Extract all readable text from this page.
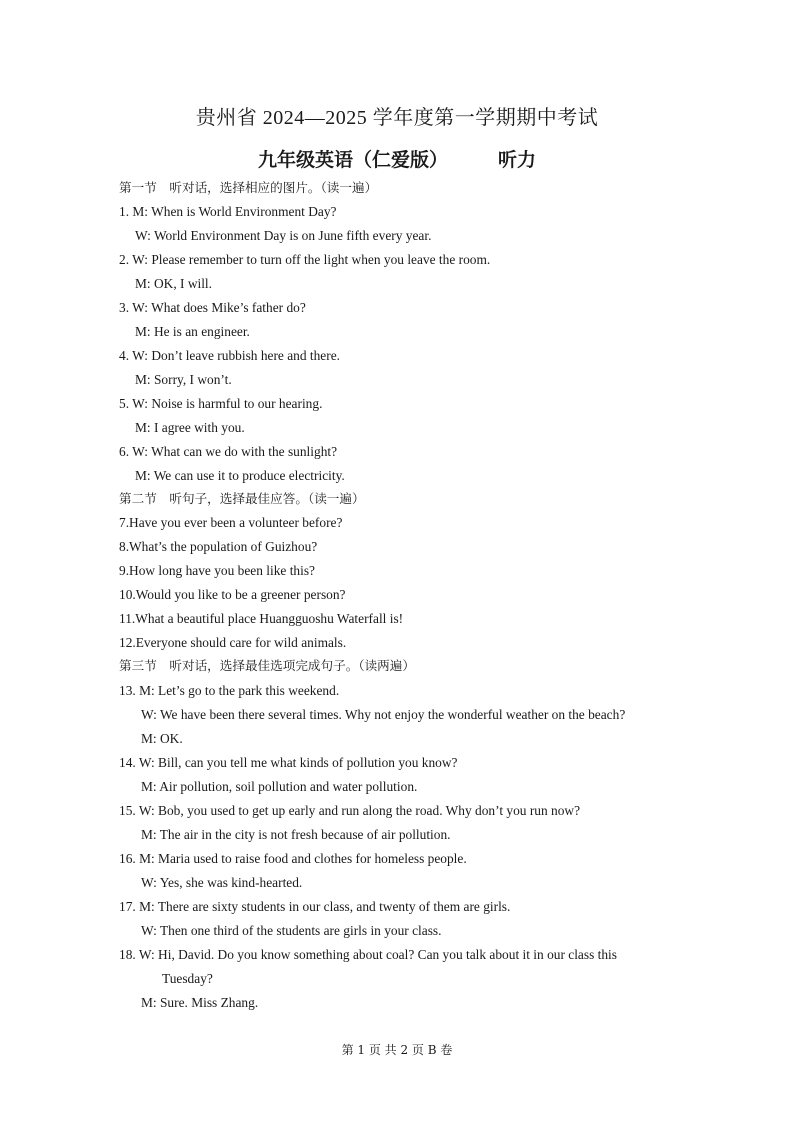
贵州省 2024—2025 学年度第一学期期中考试
九年级英语（仁爱版）	听力
第一节　听对话，选择相应的图片。（读一遍）
1. M: When is World Environment Day?
W: World Environment Day is on June fifth every year.
2. W: Please remember to turn off the light when you leave the room.
M: OK, I will.
3. W: What does Mike’s father do?
M: He is an engineer.
4. W: Don’t leave rubbish here and there.
M: Sorry, I won’t.
5. W: Noise is harmful to our hearing.
M: I agree with you.
6. W: What can we do with the sunlight?
M: We can use it to produce electricity.
第二节　听句子，选择最佳应答。（读一遍）
7.Have you ever been a volunteer before?
8.What’s the population of Guizhou?
9.How long have you been like this?
10.Would you like to be a greener person?
11.What a beautiful place Huangguoshu Waterfall is!
12.Everyone should care for wild animals.
第三节　听对话，选择最佳选项完成句子。（读两遍）
13. M: Let’s go to the park this weekend.
W: We have been there several times. Why not enjoy the wonderful weather on the beach?
M: OK.
14. W: Bill, can you tell me what kinds of pollution you know?
M: Air pollution, soil pollution and water pollution.
15. W: Bob, you used to get up early and run along the road. Why don’t you run now?
M: The air in the city is not fresh because of air pollution.
16. M: Maria used to raise food and clothes for homeless people.
W: Yes, she was kind-hearted.
17. M: There are sixty students in our class, and twenty of them are girls.
W: Then one third of the students are girls in your class.
18. W: Hi, David. Do you know something about coal? Can you talk about it in our class this
Tuesday?
M: Sure. Miss Zhang.
第 1 页 共 2 页 B 卷
